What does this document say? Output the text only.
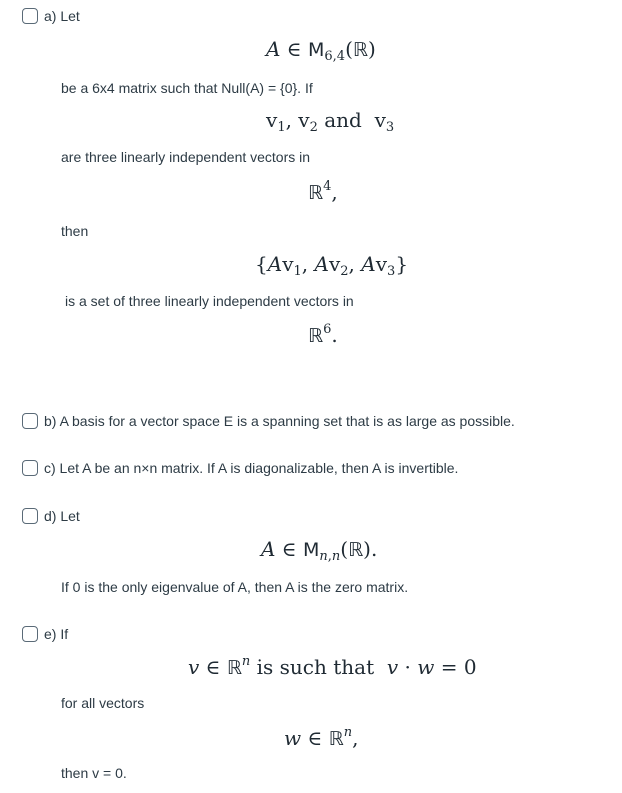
a) Let
A ∈ $M_{6,4}(ℝ)$
be a 6x4 matrix such that Null(A) = {0}. If
$v_1$, $v_2$ and  $v_3$
are three linearly independent vectors in
ℝ$^4$,
then
{$Av_1$, $Av_2$, $Av_3$}
is a set of three linearly independent vectors in
ℝ$^6$.
b) A basis for a vector space E is a spanning set that is as large as possible.
c) Let A be an n×n matrix. If A is diagonalizable, then A is invertible.
d) Let
A ∈ $M_{n,n}(ℝ)$.
If 0 is the only eigenvalue of A, then A is the zero matrix.
e) If
v ∈ ℝ$^n$ is such that v · w = 0
for all vectors
w ∈ ℝ$^n$,
then v = 0.
